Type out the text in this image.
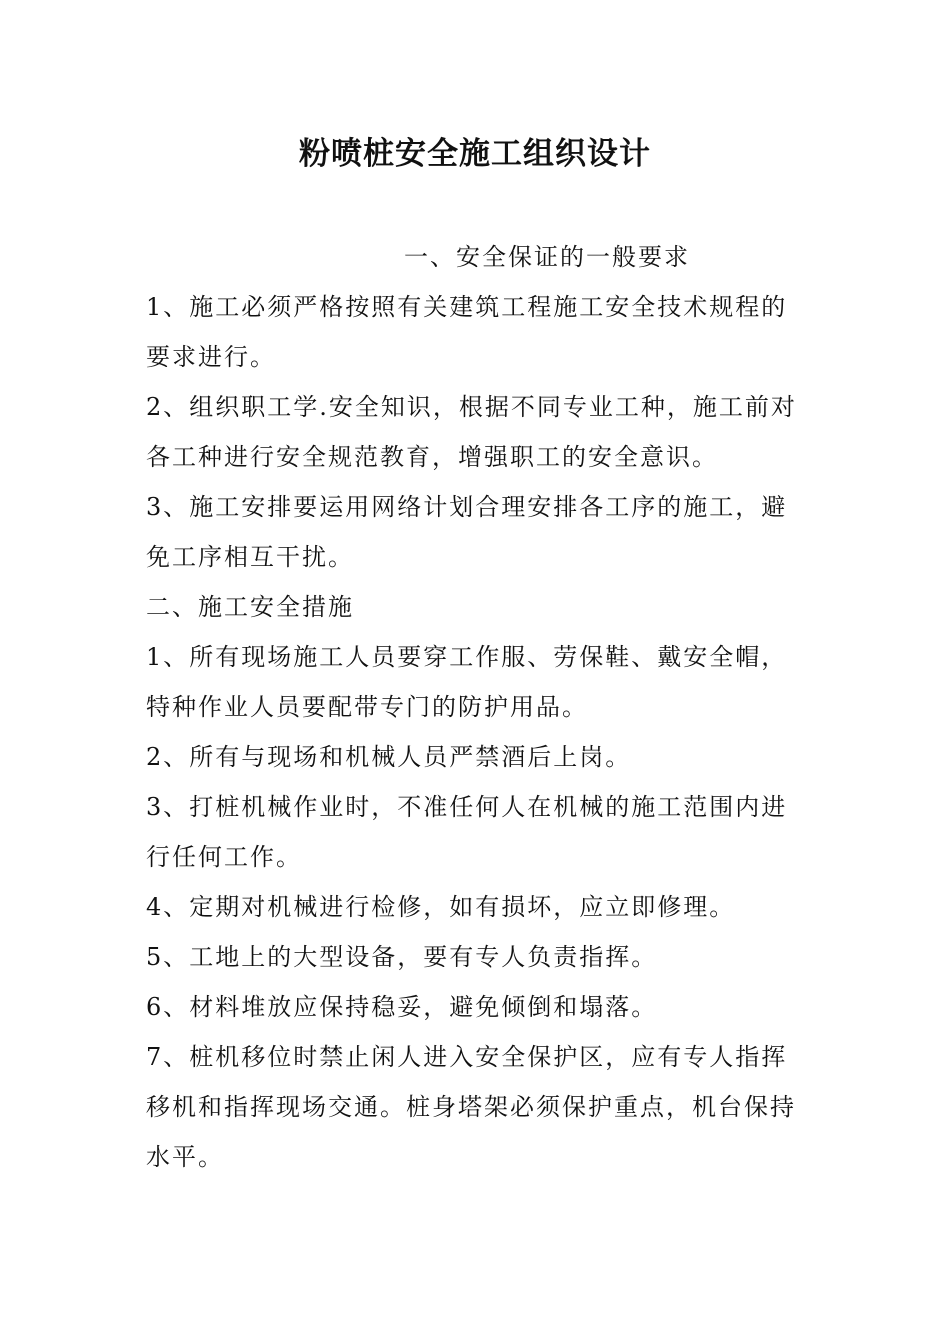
粉喷桩安全施工组织设计

一、安全保证的一般要求

1、施工必须严格按照有关建筑工程施工安全技术规程的要求进行。

2、组织职工学.安全知识，根据不同专业工种，施工前对各工种进行安全规范教育，增强职工的安全意识。

3、施工安排要运用网络计划合理安排各工序的施工，避免工序相互干扰。

二、施工安全措施

1、所有现场施工人员要穿工作服、劳保鞋、戴安全帽，特种作业人员要配带专门的防护用品。

2、所有与现场和机械人员严禁酒后上岗。

3、打桩机械作业时，不准任何人在机械的施工范围内进行任何工作。

4、定期对机械进行检修，如有损坏，应立即修理。

5、工地上的大型设备，要有专人负责指挥。

6、材料堆放应保持稳妥，避免倾倒和塌落。

7、桩机移位时禁止闲人进入安全保护区，应有专人指挥移机和指挥现场交通。桩身塔架必须保护重点，机台保持水平。
